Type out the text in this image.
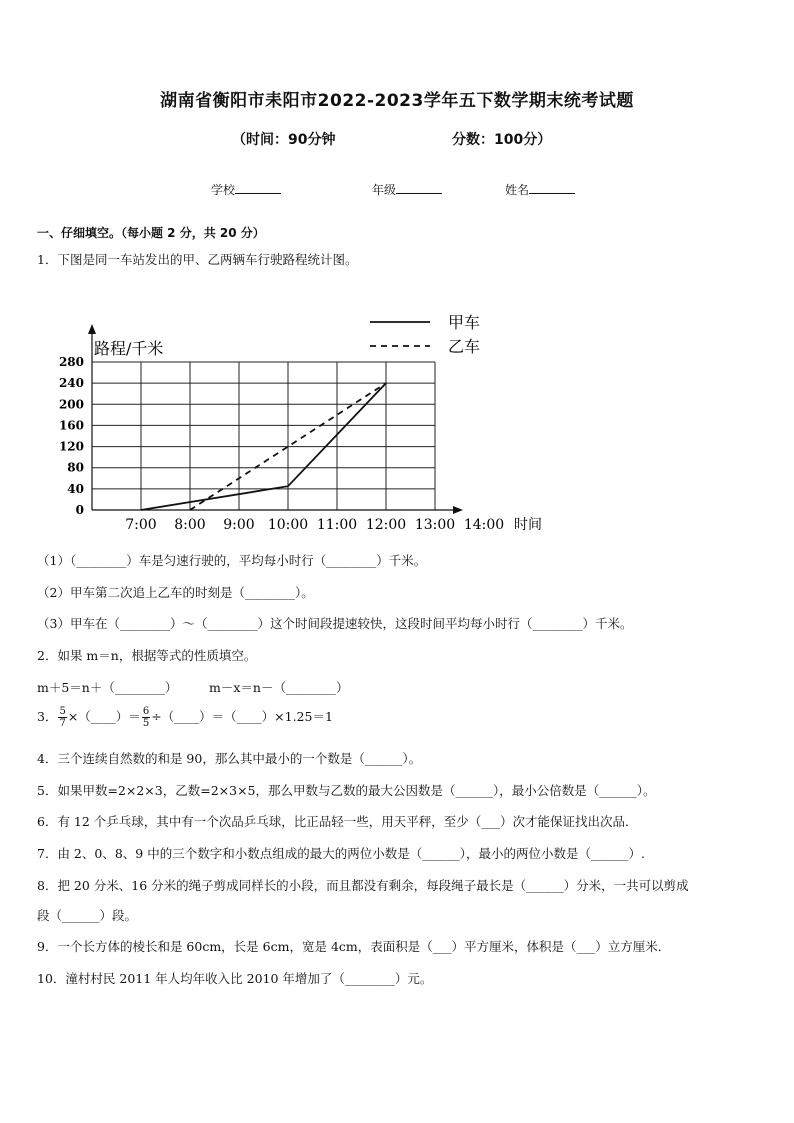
湖南省衡阳市耒阳市2022-2023学年五下数学期末统考试题
（时间：90分钟	分数：100分）
学校	年级	姓名
一、仔细填空。（每小题 2 分，共 20 分）
1．下图是同一车站发出的甲、乙两辆车行驶路程统计图。
0
40
80
120
160
200
240
280
7:00 8:00 9:00 10:00 11:00 12:00 13:00 14:00
路程/千米
时间
甲车
乙车
（1）（________）车是匀速行驶的，平均每小时行（________）千米。
（2）甲车第二次追上乙车的时刻是（________）。
（3）甲车在（________）～（________）这个时间段提速较快，这段时间平均每小时行（________）千米。
2．如果 m＝n，根据等式的性质填空。
m＋5＝n＋（________）	m－x＝n－（________）
3． $\frac{5}{7}$ ×（____）＝ $\frac{6}{5}$ ÷（____）＝（____）×1.25＝1
4．三个连续自然数的和是 90，那么其中最小的一个数是（______）。
5．如果甲数=2×2×3，乙数=2×3×5，那么甲数与乙数的最大公因数是（______），最小公倍数是（______）。
6．有 12 个乒乓球，其中有一个次品乒乓球，比正品轻一些，用天平秤，至少（___）次才能保证找出次品．
7．由 2、0、8、9 中的三个数字和小数点组成的最大的两位小数是（______），最小的两位小数是（______）.
8．把 20 分米、16 分米的绳子剪成同样长的小段，而且都没有剩余，每段绳子最长是（______）分米，一共可以剪成
段（______）段。
9．一个长方体的棱长和是 60cm，长是 6cm，宽是 4cm，表面积是（___）平方厘米，体积是（___）立方厘米．
10．潼村村民 2011 年人均年收入比 2010 年增加了（________）元。
